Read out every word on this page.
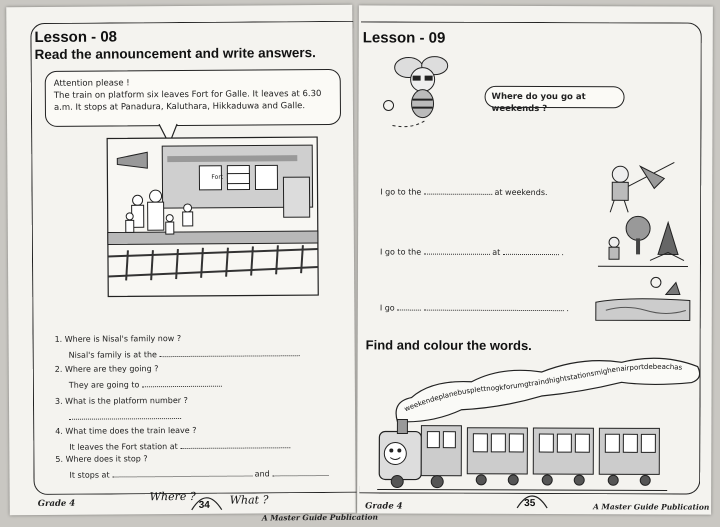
Lesson - 08
Read the announcement and write answers.
Attention please !
The train on platform six leaves Fort for Galle. It leaves at 6.30 a.m. It stops at Panadura, Kaluthara, Hikkaduwa and Galle.
Fort
1. Where is Nisal's family now ?
Nisal's family is at the
2. Where are they going ?
They are going to
3. What is the platform number ?
4. What time does the train leave ?
It leaves the Fort station at
5. Where does it stop ?
It stops at	and
Grade 4
Where ?
34 What ?
A Master Guide Publication
Lesson - 09
Where do you go at weekends ?
I go to the	at weekends.
I go to the	at	.
I go	.
Find and colour the words.
weekendeplanebusplettnogkforumgtraindhightstationsmighenairportdebeachas
Grade 4	35	A Master Guide Publication
